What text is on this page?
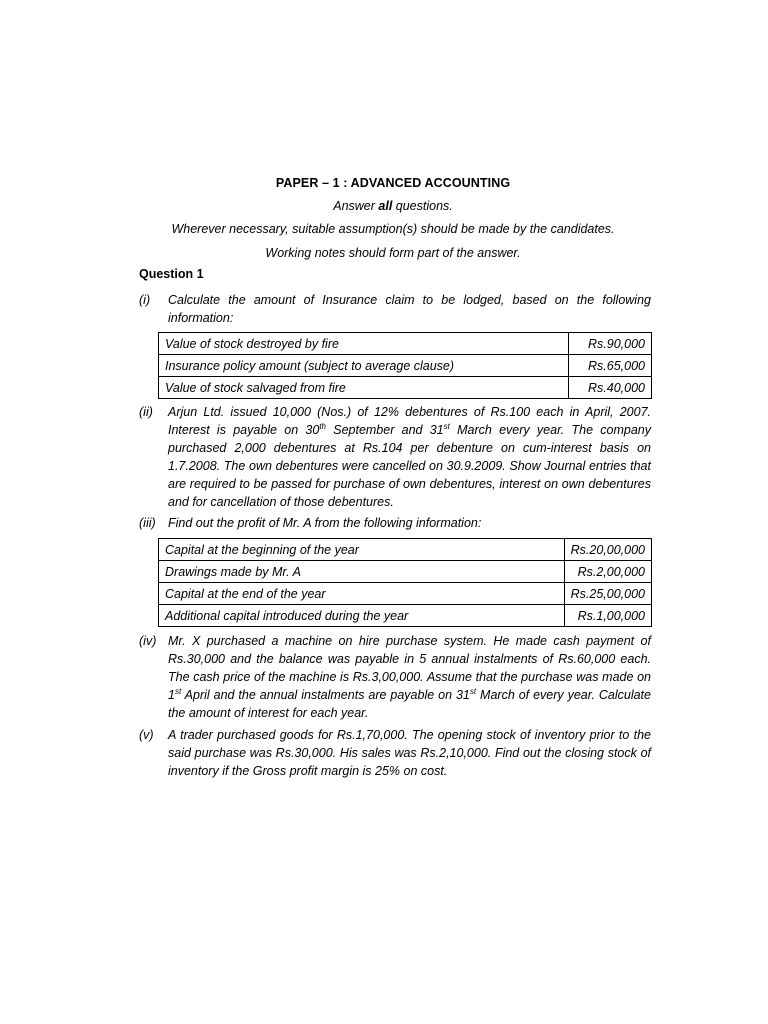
PAPER – 1 : ADVANCED ACCOUNTING
Answer all questions.
Wherever necessary, suitable assumption(s) should be made by the candidates.
Working notes should form part of the answer.
Question 1
(i) Calculate the amount of Insurance claim to be lodged, based on the following information:
Value of stock destroyed by fire	Rs.90,000
Insurance policy amount (subject to average clause)	Rs.65,000
Value of stock salvaged from fire	Rs.40,000
(ii) Arjun Ltd. issued 10,000 (Nos.) of 12% debentures of Rs.100 each in April, 2007. Interest is payable on 30th September and 31st March every year. The company purchased 2,000 debentures at Rs.104 per debenture on cum-interest basis on 1.7.2008. The own debentures were cancelled on 30.9.2009. Show Journal entries that are required to be passed for purchase of own debentures, interest on own debentures and for cancellation of those debentures.
(iii) Find out the profit of Mr. A from the following information:
Capital at the beginning of the year	Rs.20,00,000
Drawings made by Mr. A	Rs.2,00,000
Capital at the end of the year	Rs.25,00,000
Additional capital introduced during the year	Rs.1,00,000
(iv) Mr. X purchased a machine on hire purchase system. He made cash payment of Rs.30,000 and the balance was payable in 5 annual instalments of Rs.60,000 each. The cash price of the machine is Rs.3,00,000. Assume that the purchase was made on 1st April and the annual instalments are payable on 31st March of every year. Calculate the amount of interest for each year.
(v) A trader purchased goods for Rs.1,70,000. The opening stock of inventory prior to the said purchase was Rs.30,000. His sales was Rs.2,10,000. Find out the closing stock of inventory if the Gross profit margin is 25% on cost.
